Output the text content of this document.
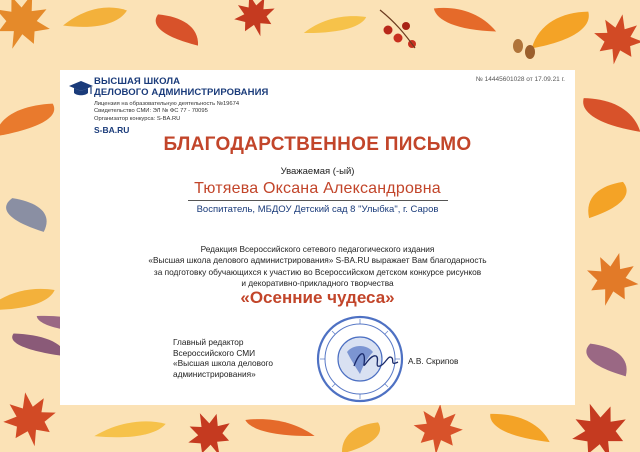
ВЫСШАЯ ШКОЛА
ДЕЛОВОГО АДМИНИСТРИРОВАНИЯ
Лицензия на образовательную деятельность №19674
Свидетельство СМИ: ЭЛ № ФС 77 - 70095
Организатор конкурса: S-BA.RU
S-BA.RU
№ 14445601028 от 17.09.21 г.
БЛАГОДАРСТВЕННОЕ ПИСЬМО
Уважаемая (-ый)
Тютяева Оксана Александровна
Воспитатель, МБДОУ Детский сад 8 "Улыбка", г. Саров
Редакция Всероссийского сетевого педагогического издания
«Высшая школа делового администрирования» S-BA.RU выражает Вам благодарность
за подготовку обучающихся к участию во Всероссийском детском конкурсе рисунков
и декоративно-прикладного творчества
«Осенние чудеса»
Главный редактор
Всероссийского СМИ
«Высшая школа делового
администрирования»
А.В. Скрипов
